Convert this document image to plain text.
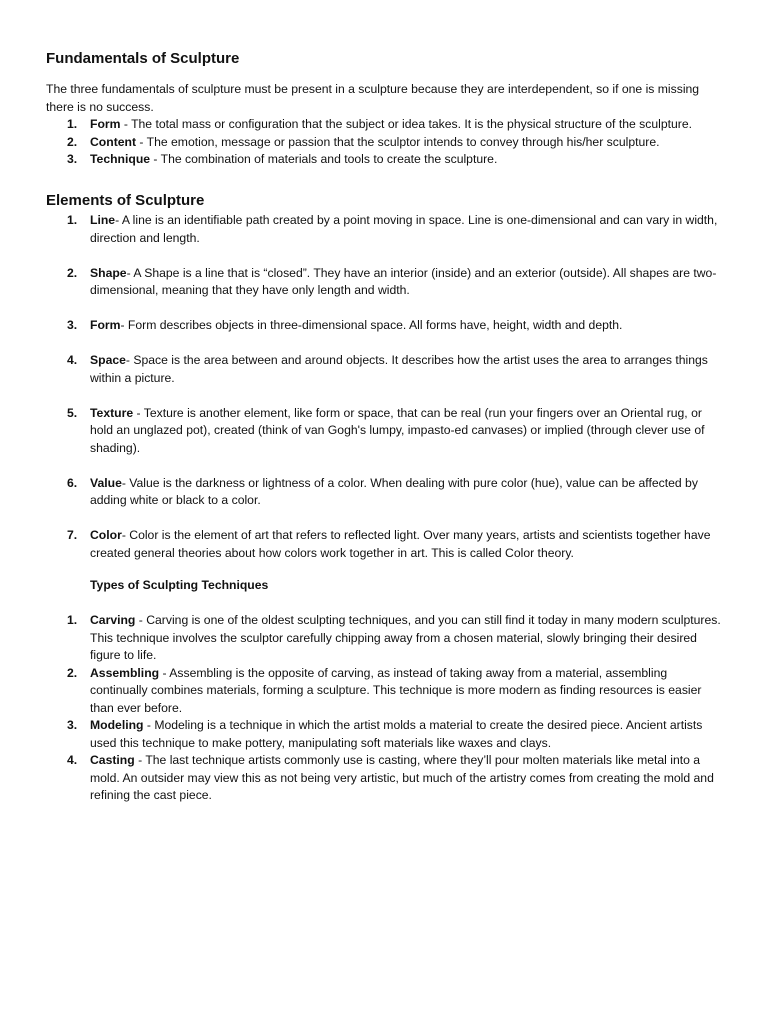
Fundamentals of Sculpture

The three fundamentals of sculpture must be present in a sculpture because they are interdependent, so if one is missing there is no success.

1. Form - The total mass or configuration that the subject or idea takes. It is the physical structure of the sculpture.
2. Content - The emotion, message or passion that the sculptor intends to convey through his/her sculpture.
3. Technique - The combination of materials and tools to create the sculpture.
Elements of Sculpture
1. Line- A line is an identifiable path created by a point moving in space. Line is one-dimensional and can vary in width, direction and length.
2. Shape- A Shape is a line that is “closed”. They have an interior (inside) and an exterior (outside). All shapes are two-dimensional, meaning that they have only length and width.
3. Form- Form describes objects in three-dimensional space. All forms have, height, width and depth.
4. Space- Space is the area between and around objects. It describes how the artist uses the area to arranges things within a picture.
5. Texture - Texture is another element, like form or space, that can be real (run your fingers over an Oriental rug, or hold an unglazed pot), created (think of van Gogh's lumpy, impasto-ed canvases) or implied (through clever use of shading).
6. Value- Value is the darkness or lightness of a color. When dealing with pure color (hue), value can be affected by adding white or black to a color.
7. Color- Color is the element of art that refers to reflected light. Over many years, artists and scientists together have created general theories about how colors work together in art. This is called Color theory.
Types of Sculpting Techniques
1. Carving - Carving is one of the oldest sculpting techniques, and you can still find it today in many modern sculptures. This technique involves the sculptor carefully chipping away from a chosen material, slowly bringing their desired figure to life.
2. Assembling - Assembling is the opposite of carving, as instead of taking away from a material, assembling continually combines materials, forming a sculpture. This technique is more modern as finding resources is easier than ever before.
3. Modeling - Modeling is a technique in which the artist molds a material to create the desired piece. Ancient artists used this technique to make pottery, manipulating soft materials like waxes and clays.
4. Casting - The last technique artists commonly use is casting, where they’ll pour molten materials like metal into a mold. An outsider may view this as not being very artistic, but much of the artistry comes from creating the mold and refining the cast piece.
